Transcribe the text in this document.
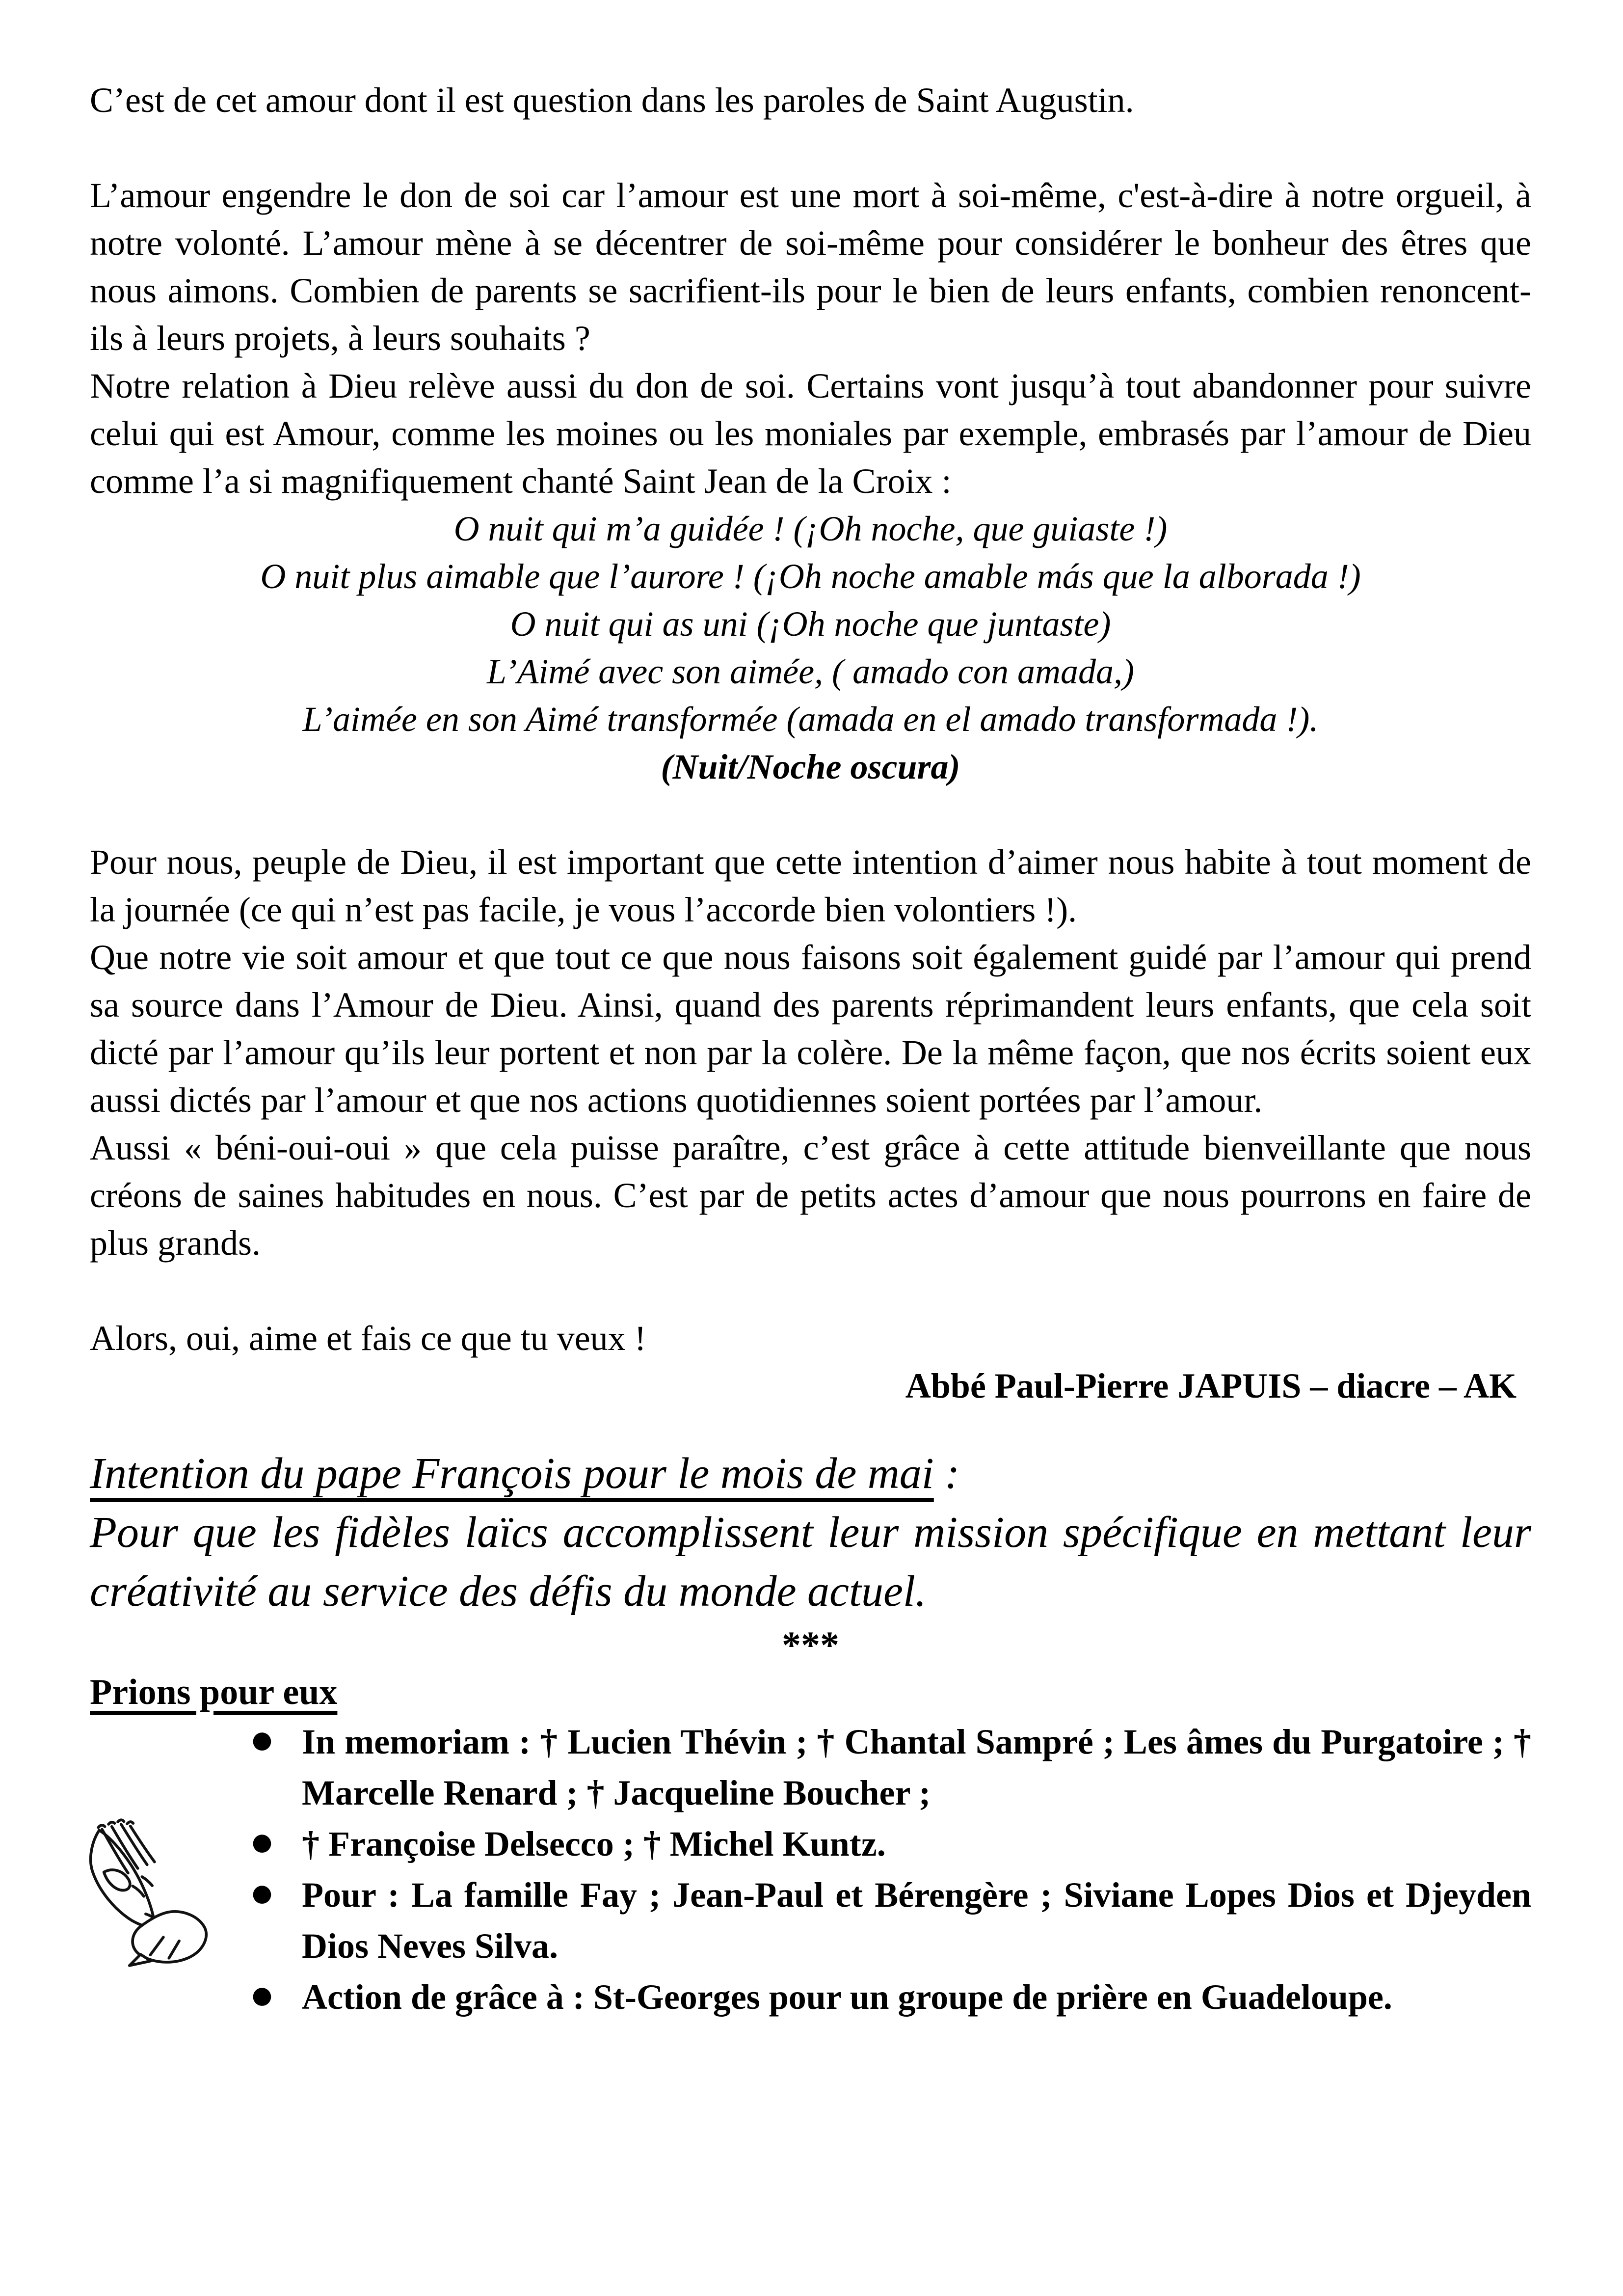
C’est de cet amour dont il est question dans les paroles de Saint Augustin.

L’amour engendre le don de soi car l’amour est une mort à soi-même, c'est-à-dire à notre orgueil, à notre volonté. L’amour mène à se décentrer de soi-même pour considérer le bonheur des êtres que nous aimons. Combien de parents se sacrifient-ils pour le bien de leurs enfants, combien renoncent-ils à leurs projets, à leurs souhaits ?

Notre relation à Dieu relève aussi du don de soi. Certains vont jusqu’à tout abandonner pour suivre celui qui est Amour, comme les moines ou les moniales par exemple, embrasés par l’amour de Dieu comme l’a si magnifiquement chanté Saint Jean de la Croix :

O nuit qui m’a guidée ! (¡Oh noche, que guiaste !)
O nuit plus aimable que l’aurore ! (¡Oh noche amable más que la alborada !)
O nuit qui as uni (¡Oh noche que juntaste)
L’Aimé avec son aimée, ( amado con amada,)
L’aimée en son Aimé transformée (amada en el amado transformada !).
(Nuit/Noche oscura)

Pour nous, peuple de Dieu, il est important que cette intention d’aimer nous habite à tout moment de la journée (ce qui n’est pas facile, je vous l’accorde bien volontiers !).

Que notre vie soit amour et que tout ce que nous faisons soit également guidé par l’amour qui prend sa source dans l’Amour de Dieu. Ainsi, quand des parents réprimandent leurs enfants, que cela soit dicté par l’amour qu’ils leur portent et non par la colère. De la même façon, que nos écrits soient eux aussi dictés par l’amour et que nos actions quotidiennes soient portées par l’amour.

Aussi « béni-oui-oui » que cela puisse paraître, c’est grâce à cette attitude bienveillante que nous créons de saines habitudes en nous. C’est par de petits actes d’amour que nous pourrons en faire de plus grands.

Alors, oui, aime et fais ce que tu veux !

Abbé Paul-Pierre JAPUIS – diacre – AK

Intention du pape François pour le mois de mai :

Pour que les fidèles laïcs accomplissent leur mission spécifique en mettant leur créativité au service des défis du monde actuel.

***
Prions pour eux
● In memoriam : † Lucien Thévin ; † Chantal Sampré ; Les âmes du Purgatoire ; † Marcelle Renard ; † Jacqueline Boucher ;
● † Françoise Delsecco ; † Michel Kuntz.
● Pour : La famille Fay ; Jean-Paul et Bérengère ; Siviane Lopes Dios et Djeyden Dios Neves Silva.
● Action de grâce à : St-Georges pour un groupe de prière en Guadeloupe.
